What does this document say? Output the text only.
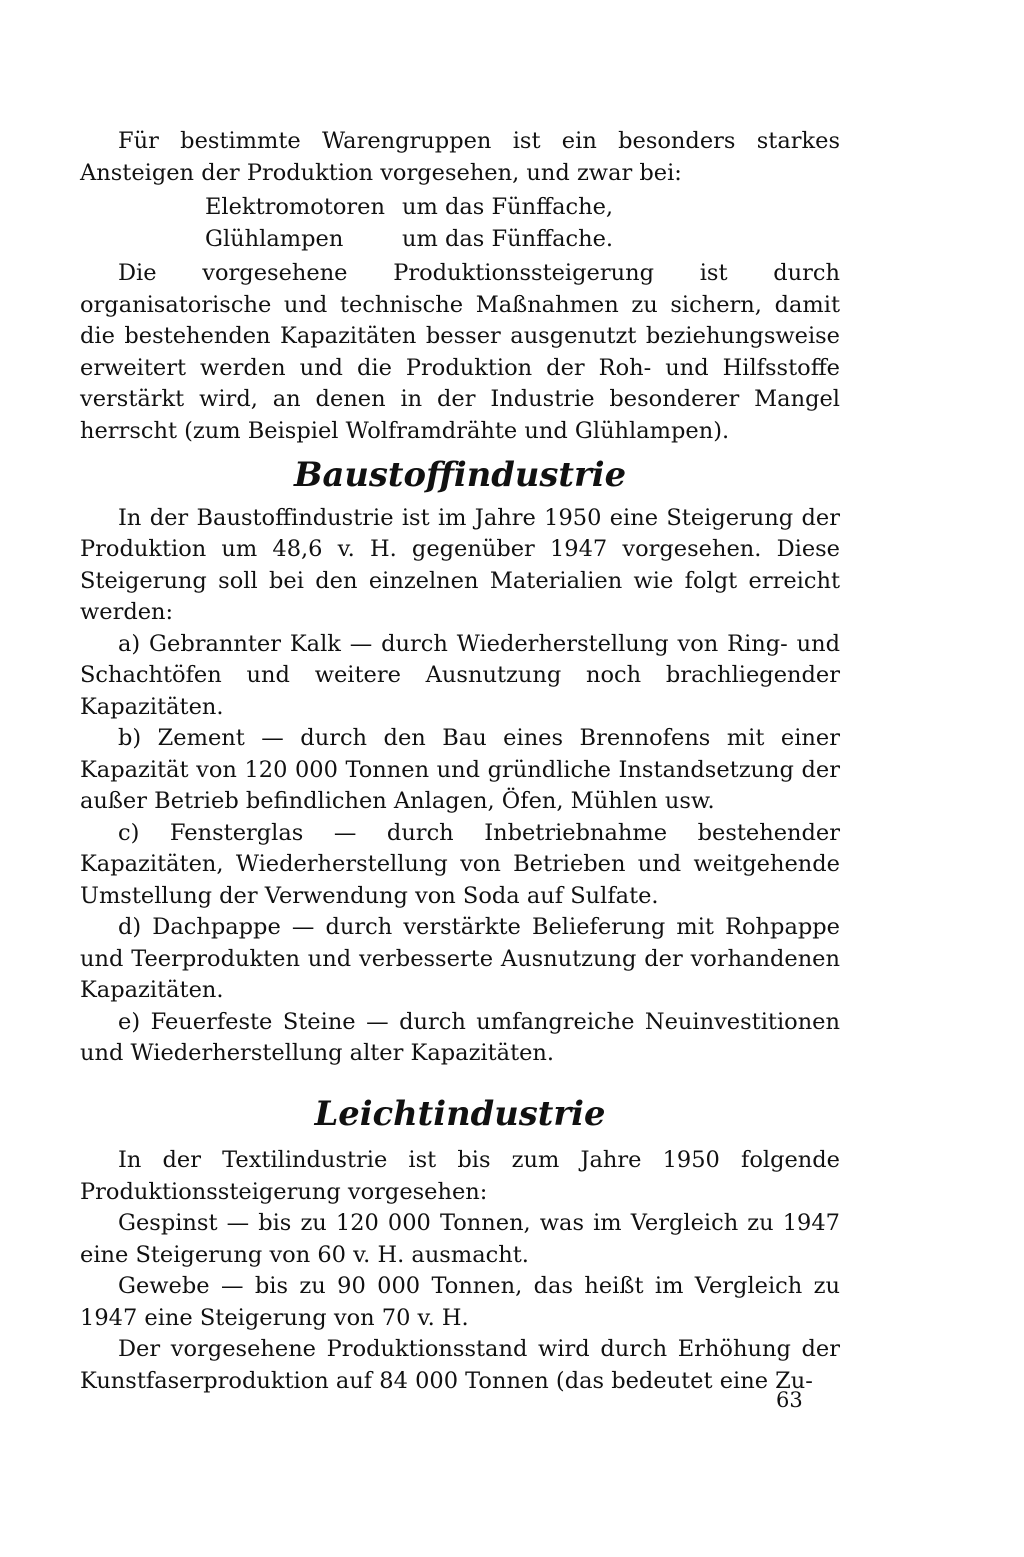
Für bestimmte Warengruppen ist ein besonders starkes Ansteigen der Produktion vorgesehen, und zwar bei:

Elektromotoren um das Fünffache,
Glühlampen	um das Fünffache.

Die vorgesehene Produktionssteigerung ist durch organisatorische und technische Maßnahmen zu sichern, damit die bestehenden Kapazitäten besser ausgenutzt beziehungsweise erweitert werden und die Produktion der Roh- und Hilfsstoffe verstärkt wird, an denen in der Industrie besonderer Mangel herrscht (zum Beispiel Wolframdrähte und Glühlampen).

Baustoffindustrie

In der Baustoffindustrie ist im Jahre 1950 eine Steigerung der Produktion um 48,6 v. H. gegenüber 1947 vorgesehen. Diese Steigerung soll bei den einzelnen Materialien wie folgt erreicht werden:

a) Gebrannter Kalk — durch Wiederherstellung von Ring- und Schachtöfen und weitere Ausnutzung noch brachliegender Kapazitäten.

b) Zement — durch den Bau eines Brennofens mit einer Kapazität von 120 000 Tonnen und gründliche Instandsetzung der außer Betrieb befindlichen Anlagen, Öfen, Mühlen usw.

c) Fensterglas — durch Inbetriebnahme bestehender Kapazitäten, Wiederherstellung von Betrieben und weitgehende Umstellung der Verwendung von Soda auf Sulfate.

d) Dachpappe — durch verstärkte Belieferung mit Rohpappe und Teerprodukten und verbesserte Ausnutzung der vorhandenen Kapazitäten.

e) Feuerfeste Steine — durch umfangreiche Neuinvestitionen und Wiederherstellung alter Kapazitäten.

Leichtindustrie

In der Textilindustrie ist bis zum Jahre 1950 folgende Produktionssteigerung vorgesehen:

Gespinst — bis zu 120 000 Tonnen, was im Vergleich zu 1947 eine Steigerung von 60 v. H. ausmacht.

Gewebe — bis zu 90 000 Tonnen, das heißt im Vergleich zu 1947 eine Steigerung von 70 v. H.

Der vorgesehene Produktionsstand wird durch Erhöhung der Kunstfaserproduktion auf 84 000 Tonnen (das bedeutet eine Zu-

63
